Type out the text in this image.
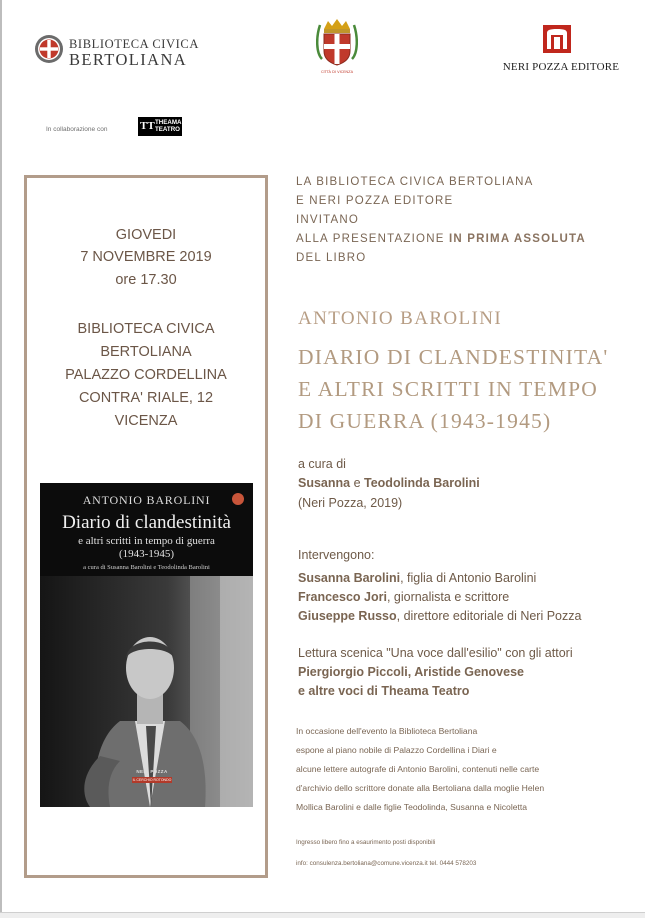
BIBLIOTECA CIVICA
BERTOLIANA
CITTÀ DI VICENZA	NERI POZZA EDITORE
In collaborazione con	TT THEAMA
TEATRO
GIOVEDI
7 NOVEMBRE 2019
ore 17.30
BIBLIOTECA CIVICA
BERTOLIANA
PALAZZO CORDELLINA
CONTRA' RIALE, 12
VICENZA
ANTONIO BAROLINI
Diario di clandestinità
e altri scritti in tempo di guerra
(1943-1945)
a cura di Susanna Barolini e Teodolinda Barolini
NERI POZZA
IL CERCHIO ROTONDO
LA BIBLIOTECA CIVICA BERTOLIANA
E NERI POZZA EDITORE
INVITANO
ALLA PRESENTAZIONE IN PRIMA ASSOLUTA
DEL LIBRO
ANTONIO BAROLINI
DIARIO DI CLANDESTINITA'
E ALTRI SCRITTI IN TEMPO
DI GUERRA (1943-1945)
a cura di
Susanna e Teodolinda Barolini
(Neri Pozza, 2019)
Intervengono:
Susanna Barolini, figlia di Antonio Barolini
Francesco Jori, giornalista e scrittore
Giuseppe Russo, direttore editoriale di Neri Pozza
Lettura scenica "Una voce dall'esilio" con gli attori
Piergiorgio Piccoli, Aristide Genovese
e altre voci di Theama Teatro
In occasione dell'evento la Biblioteca Bertoliana
espone al piano nobile di Palazzo Cordellina i Diari e
alcune lettere autografe di Antonio Barolini, contenuti nelle carte
d'archivio dello scrittore donate alla Bertoliana dalla moglie Helen
Mollica Barolini e dalle figlie Teodolinda, Susanna e Nicoletta
Ingresso libero fino a esaurimento posti disponibili
info: consulenza.bertoliana@comune.vicenza.it tel. 0444 578203
